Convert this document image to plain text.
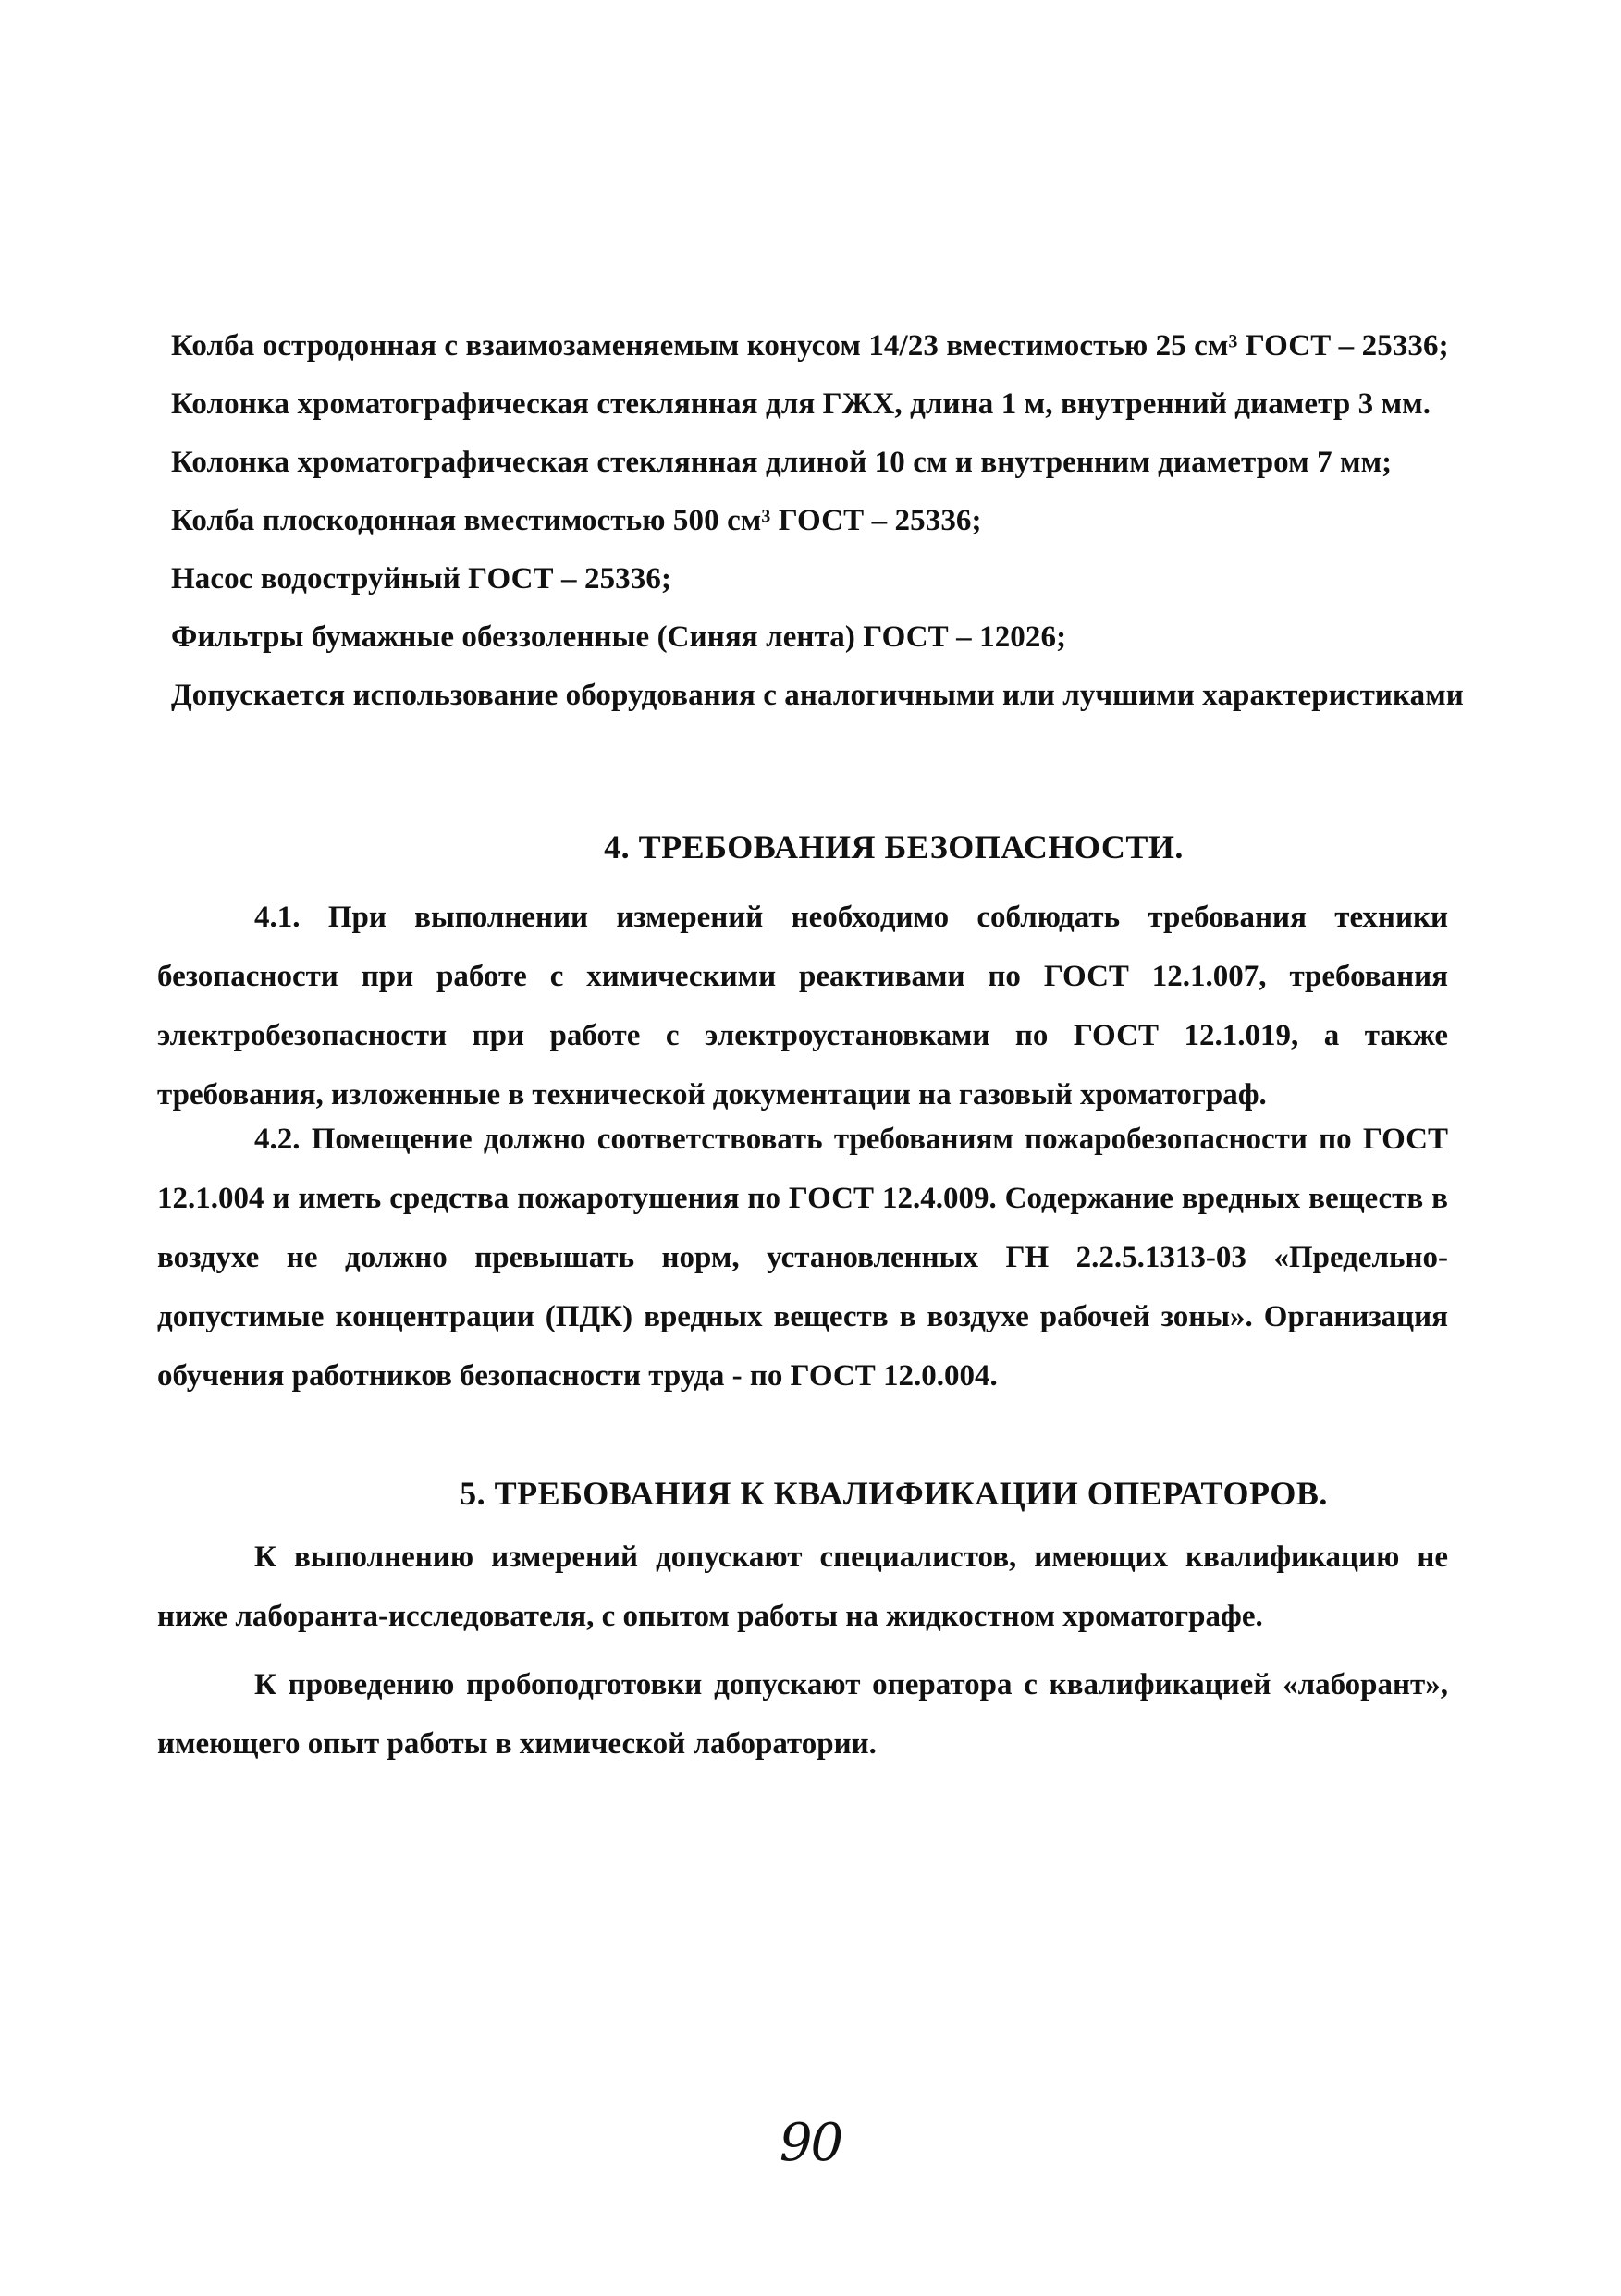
Колба остродонная с взаимозаменяемым конусом 14/23 вместимостью 25 см³ ГОСТ – 25336;
Колонка хроматографическая стеклянная для ГЖХ, длина 1 м, внутренний диаметр 3 мм.
Колонка хроматографическая стеклянная длиной 10 см и внутренним диаметром 7 мм;
Колба плоскодонная вместимостью 500 см³ ГОСТ – 25336;
Насос водоструйный ГОСТ – 25336;
Фильтры бумажные обеззоленные (Синяя лента) ГОСТ – 12026;
Допускается использование оборудования с аналогичными или лучшими характеристиками
4. ТРЕБОВАНИЯ БЕЗОПАСНОСТИ.

4.1. При выполнении измерений необходимо соблюдать требования техники безопасности при работе с химическими реактивами по ГОСТ 12.1.007, требования электробезопасности при работе с электроустановками по ГОСТ 12.1.019, а также требования, изложенные в технической документации на газовый хроматограф.

4.2. Помещение должно соответствовать требованиям пожаробезопасности по ГОСТ 12.1.004 и иметь средства пожаротушения по ГОСТ 12.4.009. Содержание вредных веществ в воздухе не должно превышать норм, установленных ГН 2.2.5.1313-03 «Предельно-допустимые концентрации (ПДК) вредных веществ в воздухе рабочей зоны». Организация обучения работников безопасности труда - по ГОСТ 12.0.004.

5. ТРЕБОВАНИЯ К КВАЛИФИКАЦИИ ОПЕРАТОРОВ.

К выполнению измерений допускают специалистов, имеющих квалификацию не ниже лаборанта-исследователя, с опытом работы на жидкостном хроматографе.

К проведению пробоподготовки допускают оператора с квалификацией «лаборант», имеющего опыт работы в химической лаборатории.

90
